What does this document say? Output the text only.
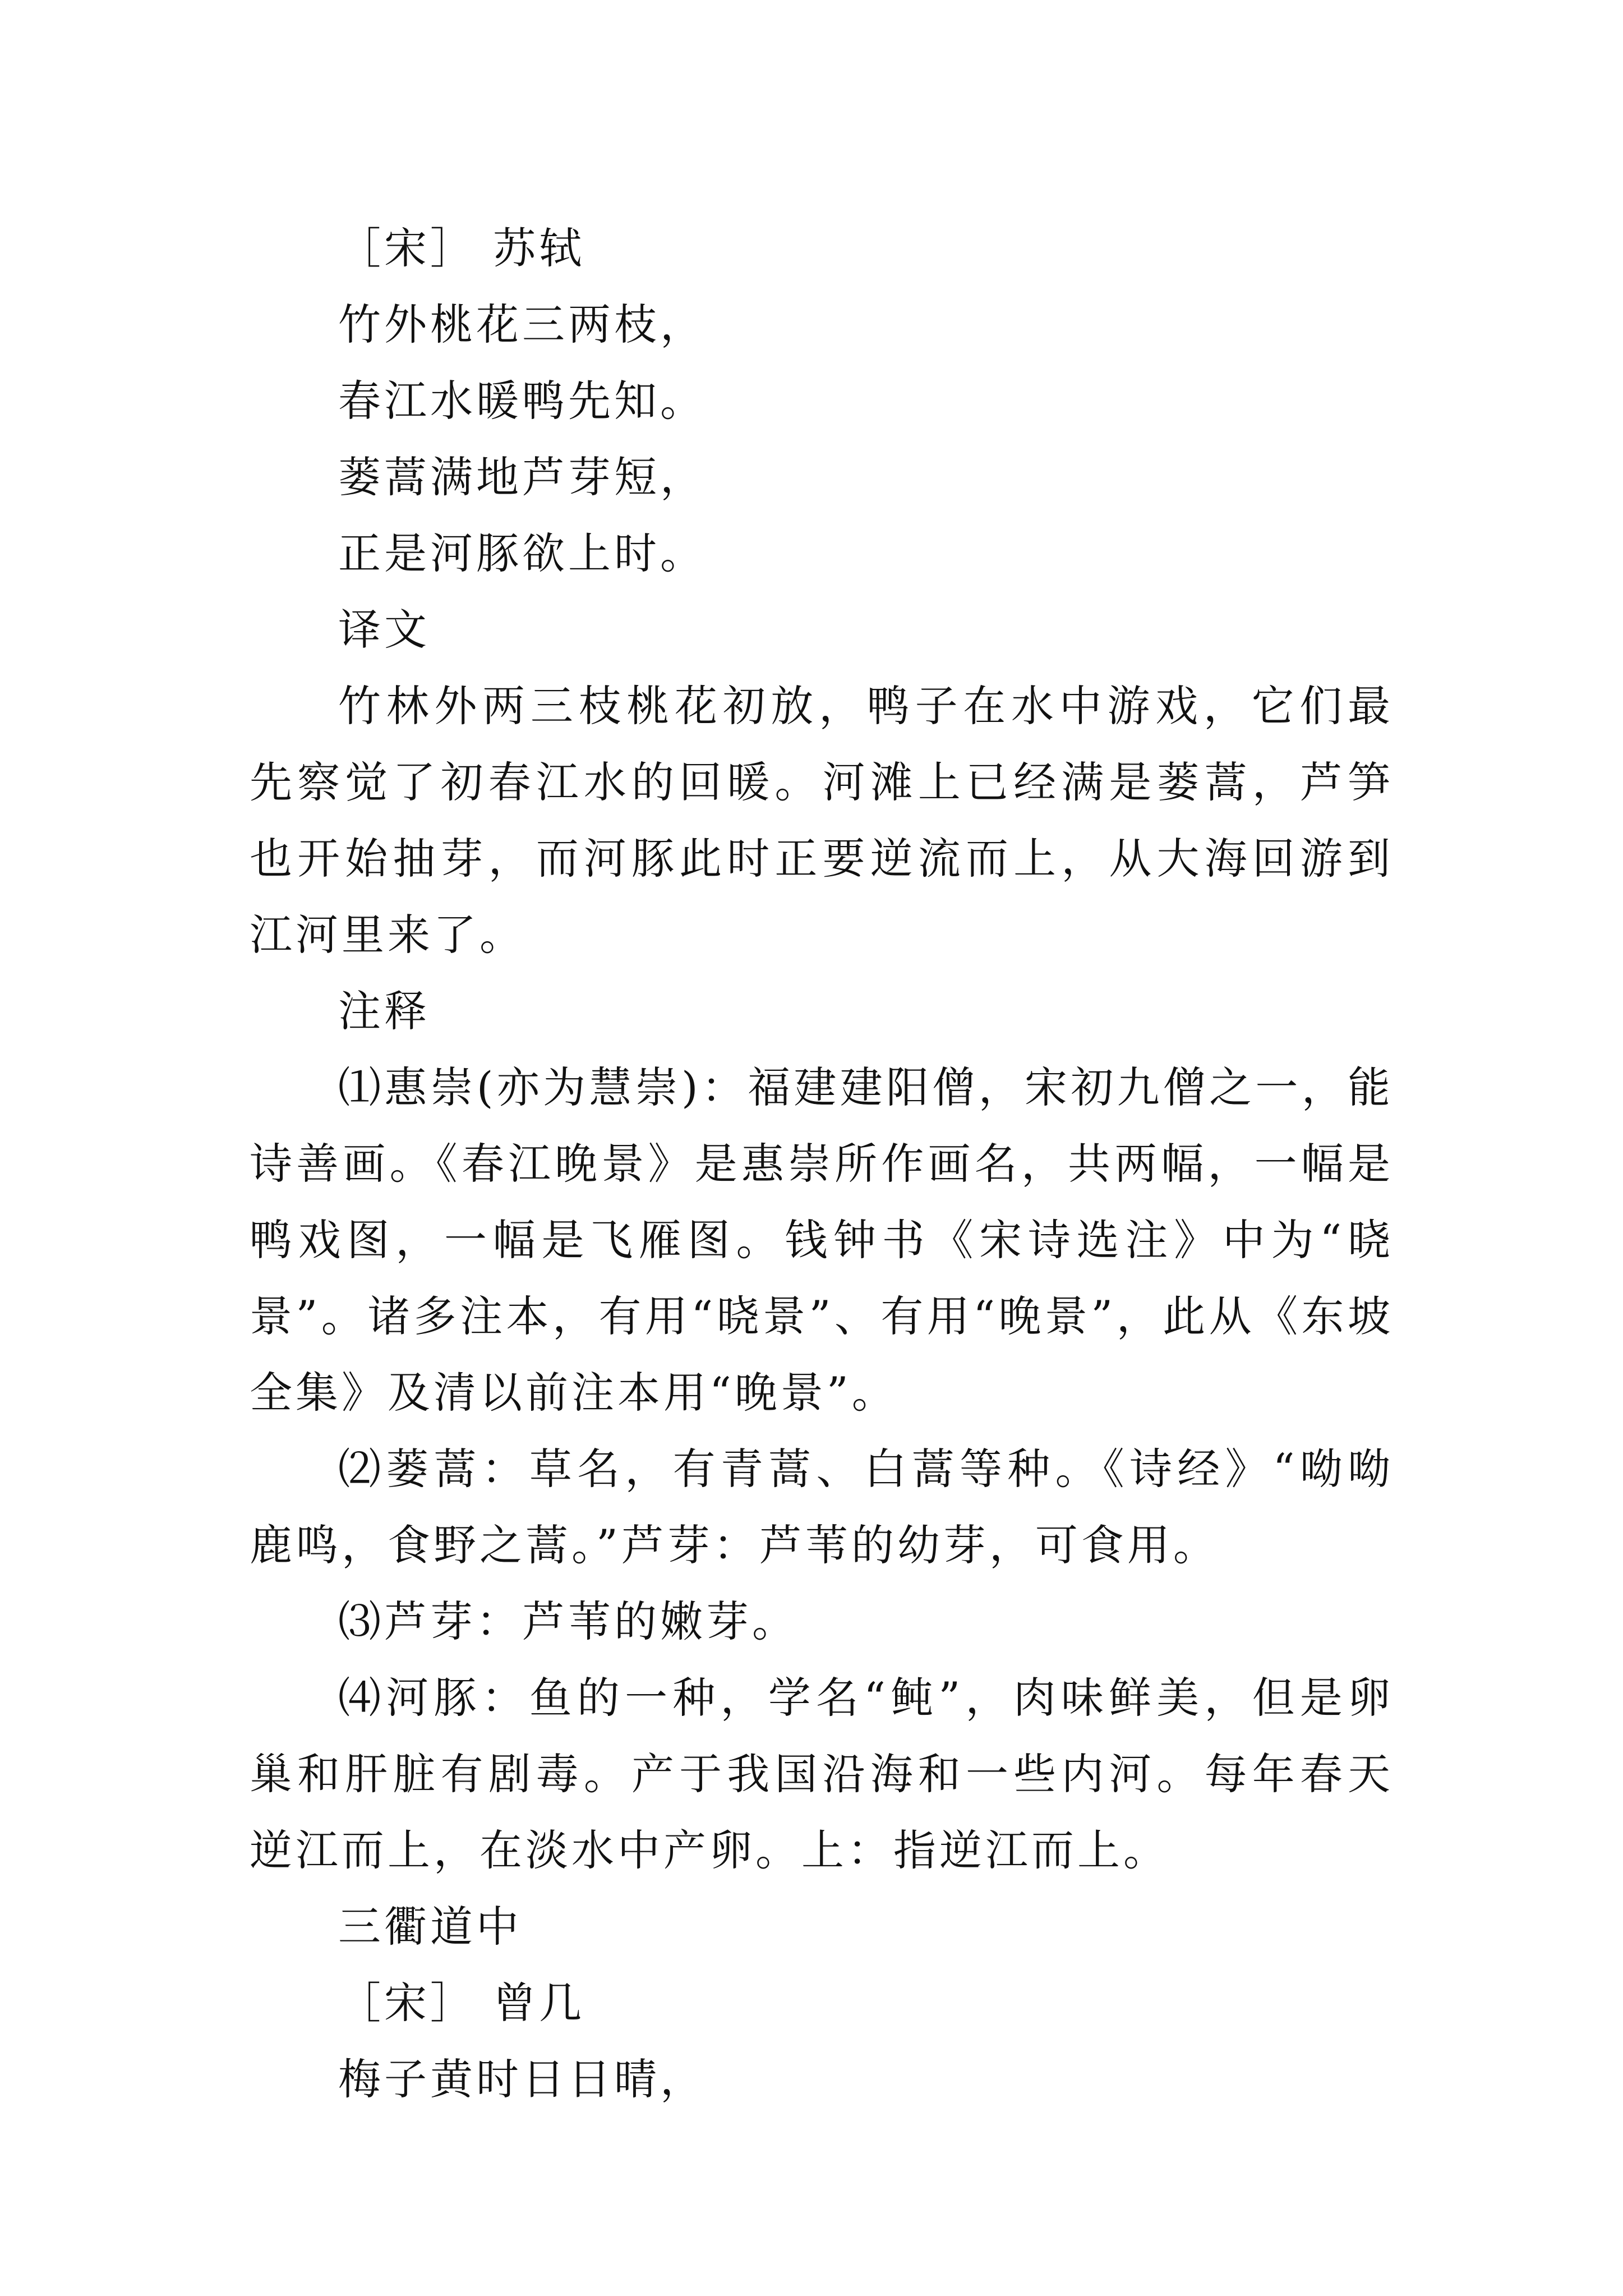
［宋］ 苏轼
竹外桃花三两枝，
春江水暖鸭先知。
蒌蒿满地芦芽短，
正是河豚欲上时。
译文

竹林外两三枝桃花初放，鸭子在水中游戏，它们最先察觉了初春江水的回暖。河滩上已经满是蒌蒿，芦笋也开始抽芽，而河豚此时正要逆流而上，从大海回游到江河里来了。

注释

⑴惠崇(亦为慧崇)：福建建阳僧，宋初九僧之一，能诗善画。《春江晚景》是惠崇所作画名，共两幅，一幅是鸭戏图，一幅是飞雁图。钱钟书《宋诗选注》中为“晓景”。诸多注本，有用“晓景”、有用“晚景”，此从《东坡全集》及清以前注本用“晚景”。

⑵蒌蒿：草名，有青蒿、白蒿等种。《诗经》“呦呦鹿鸣，食野之蒿。”芦芽：芦苇的幼芽，可食用。

⑶芦芽：芦苇的嫩芽。

⑷河豚：鱼的一种，学名“鲀”，肉味鲜美，但是卵巢和肝脏有剧毒。产于我国沿海和一些内河。每年春天逆江而上，在淡水中产卵。上：指逆江而上。

三衢道中
［宋］ 曾几
梅子黄时日日晴，
